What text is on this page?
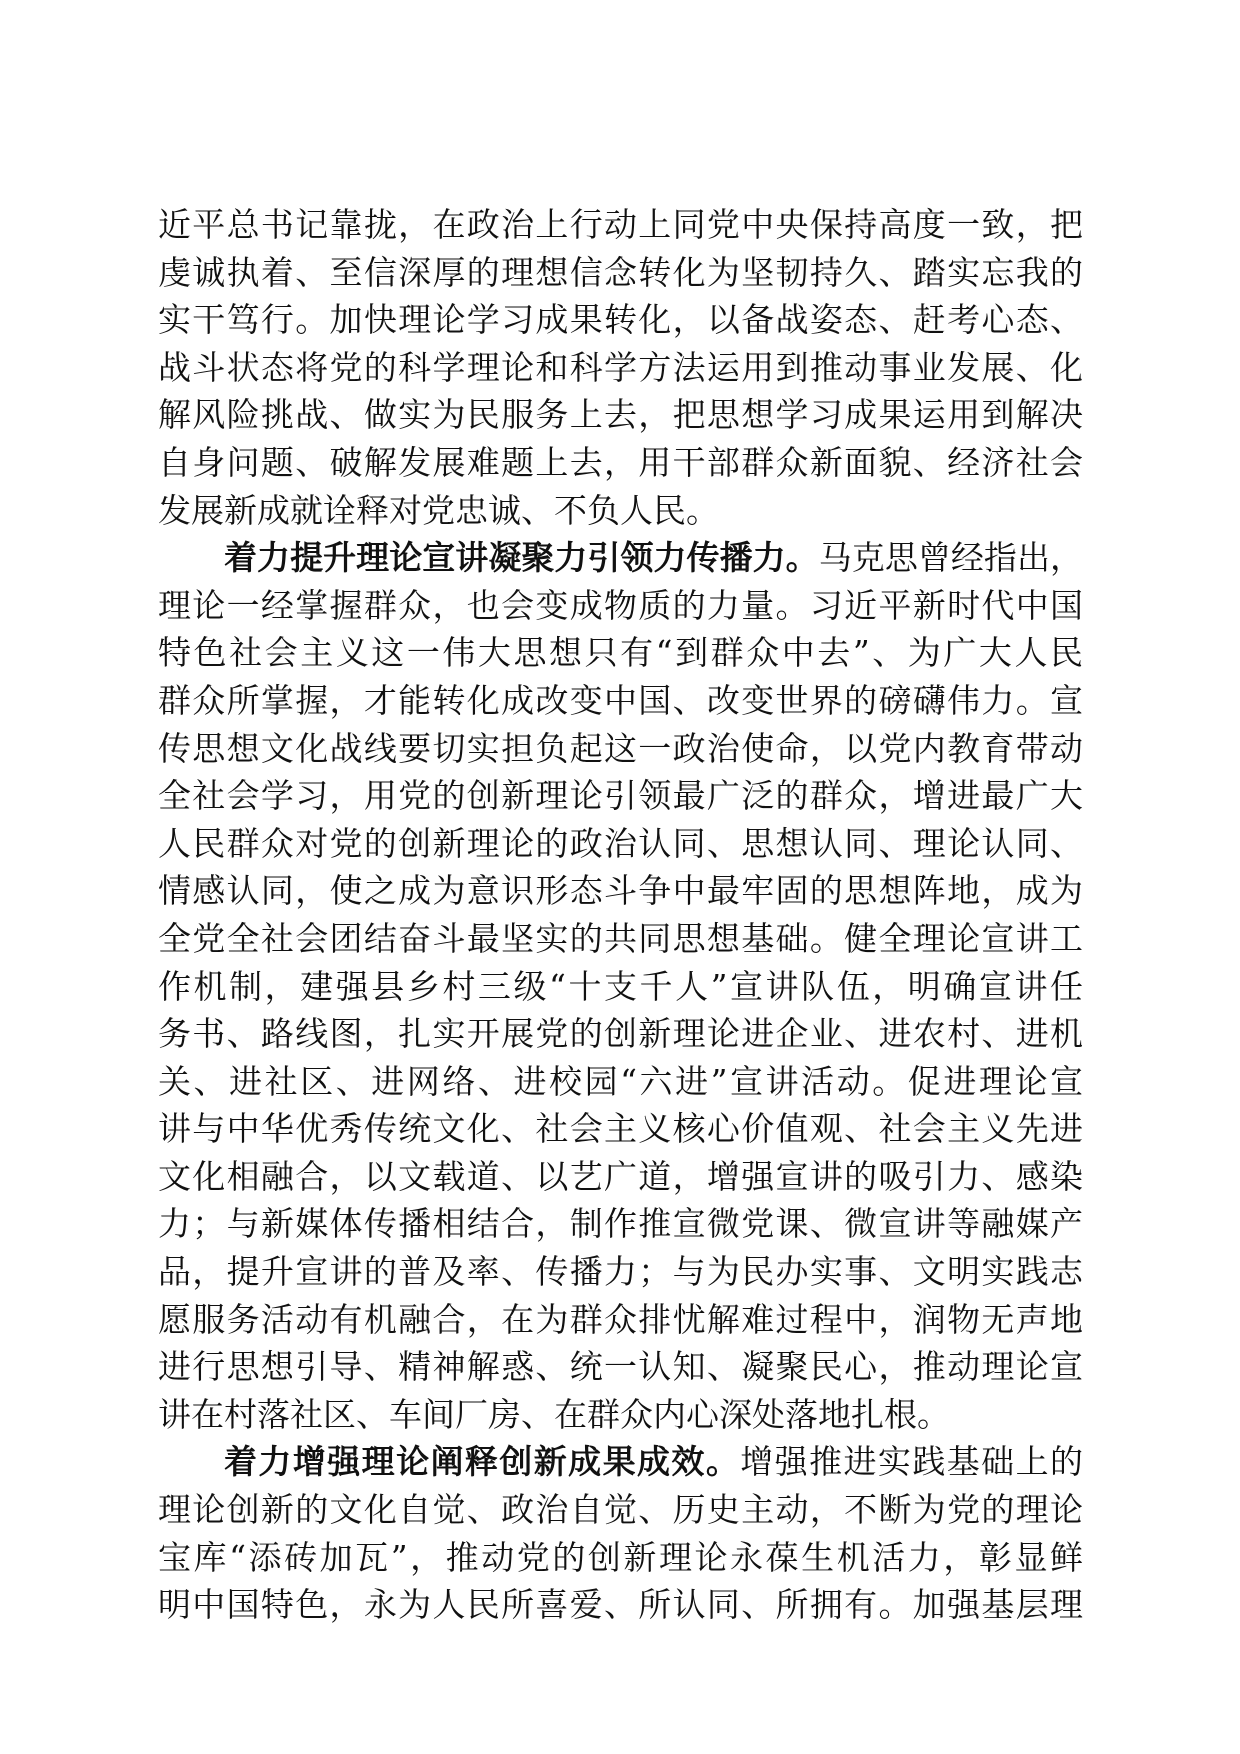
近平总书记靠拢，在政治上行动上同党中央保持高度一致，把
虔诚执着、至信深厚的理想信念转化为坚韧持久、踏实忘我的
实干笃行。加快理论学习成果转化，以备战姿态、赶考心态、
战斗状态将党的科学理论和科学方法运用到推动事业发展、化
解风险挑战、做实为民服务上去，把思想学习成果运用到解决
自身问题、破解发展难题上去，用干部群众新面貌、经济社会
发展新成就诠释对党忠诚、不负人民。
着力提升理论宣讲凝聚力引领力传播力。马克思曾经指出，
理论一经掌握群众，也会变成物质的力量。习近平新时代中国
特色社会主义这一伟大思想只有“到群众中去”、为广大人民
群众所掌握，才能转化成改变中国、改变世界的磅礴伟力。宣
传思想文化战线要切实担负起这一政治使命，以党内教育带动
全社会学习，用党的创新理论引领最广泛的群众，增进最广大
人民群众对党的创新理论的政治认同、思想认同、理论认同、
情感认同，使之成为意识形态斗争中最牢固的思想阵地，成为
全党全社会团结奋斗最坚实的共同思想基础。健全理论宣讲工
作机制，建强县乡村三级“十支千人”宣讲队伍，明确宣讲任
务书、路线图，扎实开展党的创新理论进企业、进农村、进机
关、进社区、进网络、进校园“六进”宣讲活动。促进理论宣
讲与中华优秀传统文化、社会主义核心价值观、社会主义先进
文化相融合，以文载道、以艺广道，增强宣讲的吸引力、感染
力；与新媒体传播相结合，制作推宣微党课、微宣讲等融媒产
品，提升宣讲的普及率、传播力；与为民办实事、文明实践志
愿服务活动有机融合，在为群众排忧解难过程中，润物无声地
进行思想引导、精神解惑、统一认知、凝聚民心，推动理论宣
讲在村落社区、车间厂房、在群众内心深处落地扎根。
着力增强理论阐释创新成果成效。增强推进实践基础上的
理论创新的文化自觉、政治自觉、历史主动，不断为党的理论
宝库“添砖加瓦”，推动党的创新理论永葆生机活力，彰显鲜
明中国特色，永为人民所喜爱、所认同、所拥有。加强基层理
